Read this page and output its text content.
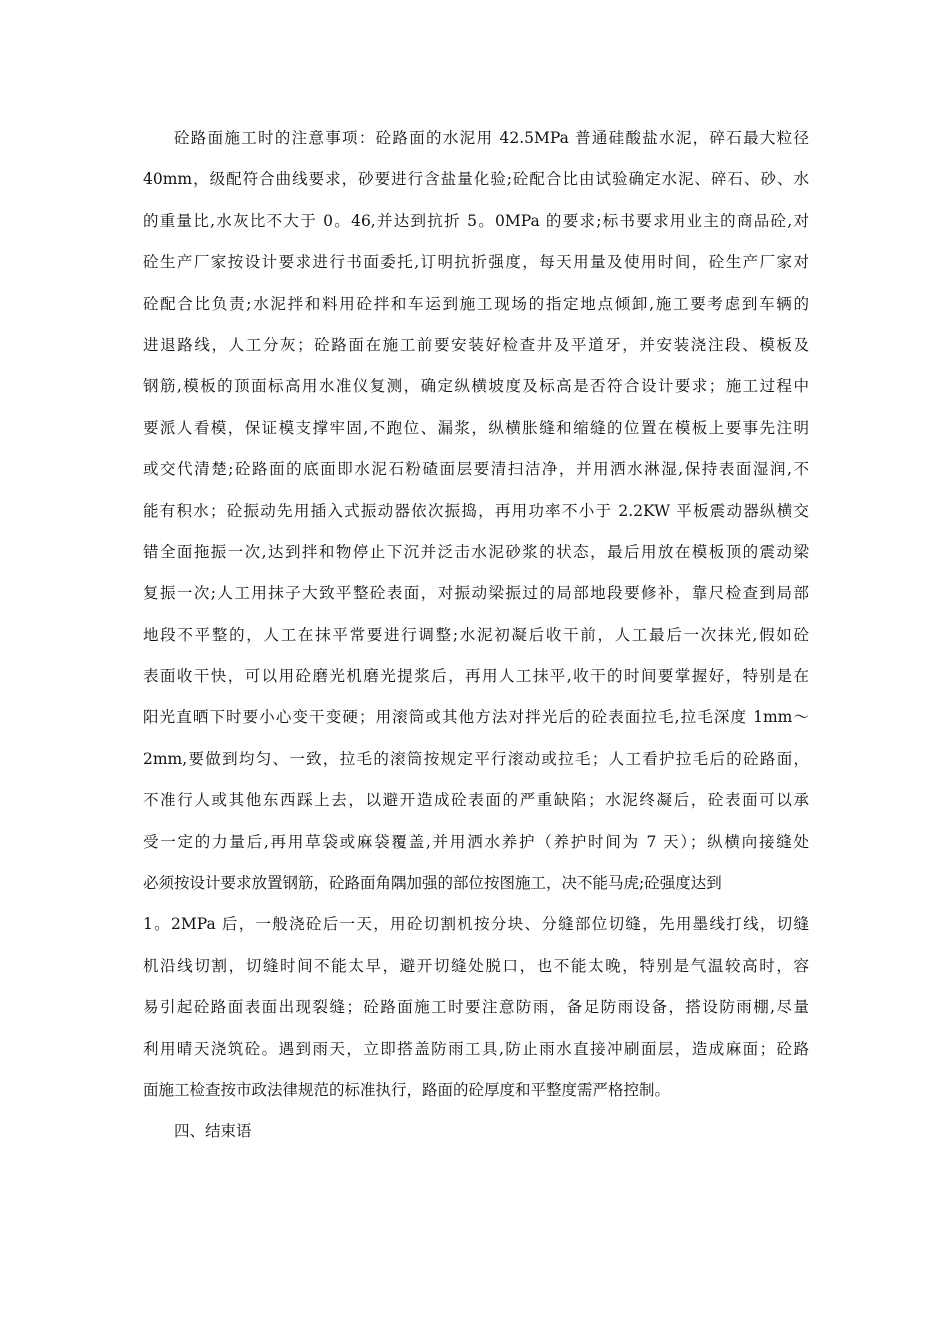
砼路面施工时的注意事项：砼路面的水泥用 42.5MPa 普通硅酸盐水泥，碎石最大粒径
40mm，级配符合曲线要求，砂要进行含盐量化验;砼配合比由试验确定水泥、碎石、砂、水
的重量比,水灰比不大于 0。46,并达到抗折 5。0MPa 的要求;标书要求用业主的商品砼,对
砼生产厂家按设计要求进行书面委托,订明抗折强度，每天用量及使用时间，砼生产厂家对
砼配合比负责;水泥拌和料用砼拌和车运到施工现场的指定地点倾卸,施工要考虑到车辆的
进退路线，人工分灰；砼路面在施工前要安装好检查井及平道牙，并安装浇注段、模板及
钢筋,模板的顶面标高用水准仪复测，确定纵横坡度及标高是否符合设计要求；施工过程中
要派人看模，保证模支撑牢固,不跑位、漏浆，纵横胀缝和缩缝的位置在模板上要事先注明
或交代清楚;砼路面的底面即水泥石粉碴面层要清扫洁净，并用洒水淋湿,保持表面湿润,不
能有积水；砼振动先用插入式振动器依次振捣，再用功率不小于 2.2KW 平板震动器纵横交
错全面拖振一次,达到拌和物停止下沉并泛击水泥砂浆的状态，最后用放在模板顶的震动梁
复振一次;人工用抹子大致平整砼表面，对振动梁振过的局部地段要修补，靠尺检查到局部
地段不平整的，人工在抹平常要进行调整;水泥初凝后收干前，人工最后一次抹光,假如砼
表面收干快，可以用砼磨光机磨光提浆后，再用人工抹平,收干的时间要掌握好，特别是在
阳光直晒下时要小心变干变硬；用滚筒或其他方法对拌光后的砼表面拉毛,拉毛深度 1mm～
2mm,要做到均匀、一致，拉毛的滚筒按规定平行滚动或拉毛；人工看护拉毛后的砼路面，
不准行人或其他东西踩上去，以避开造成砼表面的严重缺陷；水泥终凝后，砼表面可以承
受一定的力量后,再用草袋或麻袋覆盖,并用洒水养护（养护时间为 7 天）；纵横向接缝处
必须按设计要求放置钢筋，砼路面角隅加强的部位按图施工，决不能马虎;砼强度达到
1。2MPa 后，一般浇砼后一天，用砼切割机按分块、分缝部位切缝，先用墨线打线，切缝
机沿线切割，切缝时间不能太早，避开切缝处脱口，也不能太晚，特别是气温较高时，容
易引起砼路面表面出现裂缝；砼路面施工时要注意防雨，备足防雨设备，搭设防雨棚,尽量
利用晴天浇筑砼。遇到雨天，立即搭盖防雨工具,防止雨水直接冲刷面层，造成麻面；砼路
面施工检查按市政法律规范的标准执行，路面的砼厚度和平整度需严格控制。
四、结束语
